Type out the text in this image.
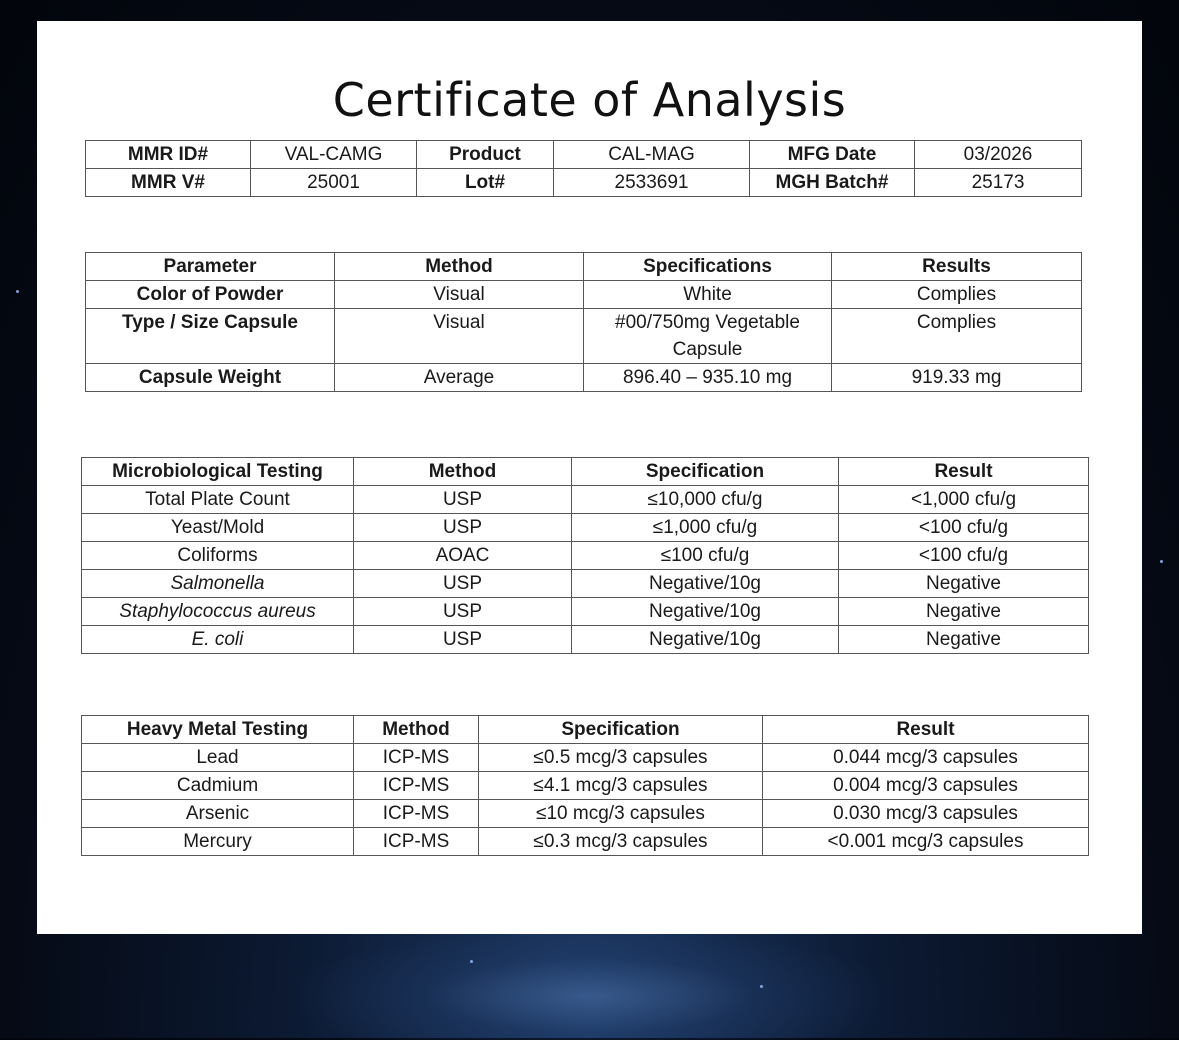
Certificate of Analysis
MMR ID#	VAL-CAMG	Product	CAL-MAG	MFG Date	03/2026
MMR V#	25001	Lot#	2533691	MGH Batch#	25173
Parameter	Method	Specifications	Results
Color of Powder	Visual	White	Complies
Type / Size Capsule	Visual	#00/750mg Vegetable Capsule	Complies
Capsule Weight	Average	896.40 – 935.10 mg	919.33 mg
Microbiological Testing	Method	Specification	Result
Total Plate Count	USP	≤10,000 cfu/g	<1,000 cfu/g
Yeast/Mold	USP	≤1,000 cfu/g	<100 cfu/g
Coliforms	AOAC	≤100 cfu/g	<100 cfu/g
Salmonella	USP	Negative/10g	Negative
Staphylococcus aureus	USP	Negative/10g	Negative
E. coli	USP	Negative/10g	Negative
Heavy Metal Testing	Method	Specification	Result
Lead	ICP-MS	≤0.5 mcg/3 capsules	0.044 mcg/3 capsules
Cadmium	ICP-MS	≤4.1 mcg/3 capsules	0.004 mcg/3 capsules
Arsenic	ICP-MS	≤10 mcg/3 capsules	0.030 mcg/3 capsules
Mercury	ICP-MS	≤0.3 mcg/3 capsules	<0.001 mcg/3 capsules
